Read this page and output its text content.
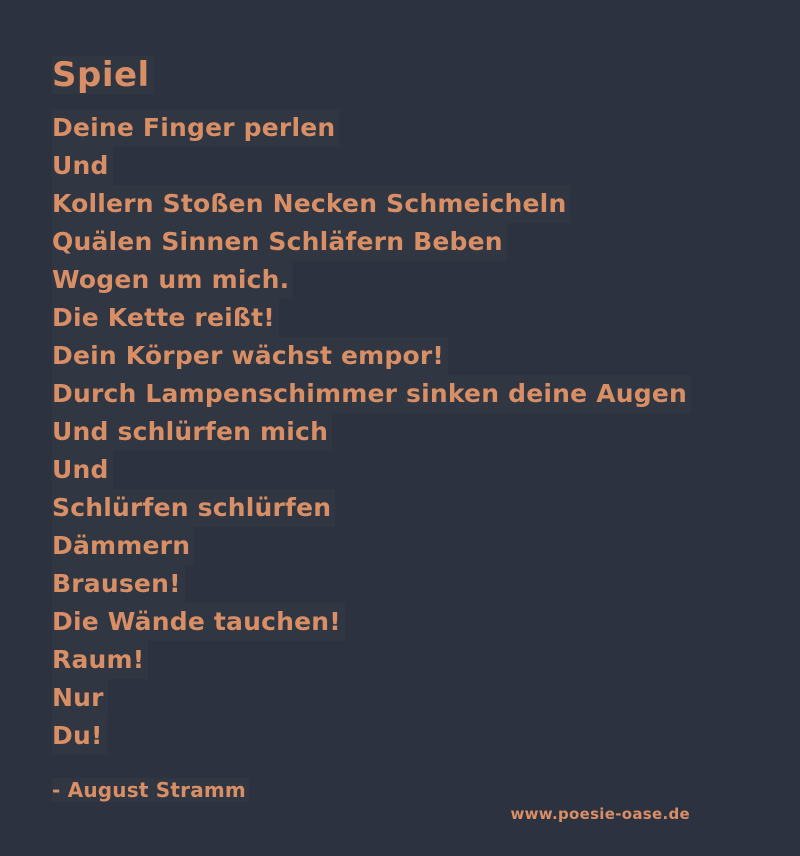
Spiel
Deine Finger perlen
Und
Kollern Stoßen Necken Schmeicheln
Quälen Sinnen Schläfern Beben
Wogen um mich.
Die Kette reißt!
Dein Körper wächst empor!
Durch Lampenschimmer sinken deine Augen
Und schlürfen mich
Und
Schlürfen schlürfen
Dämmern
Brausen!
Die Wände tauchen!
Raum!
Nur
Du!
- August Stramm
www.poesie-oase.de
